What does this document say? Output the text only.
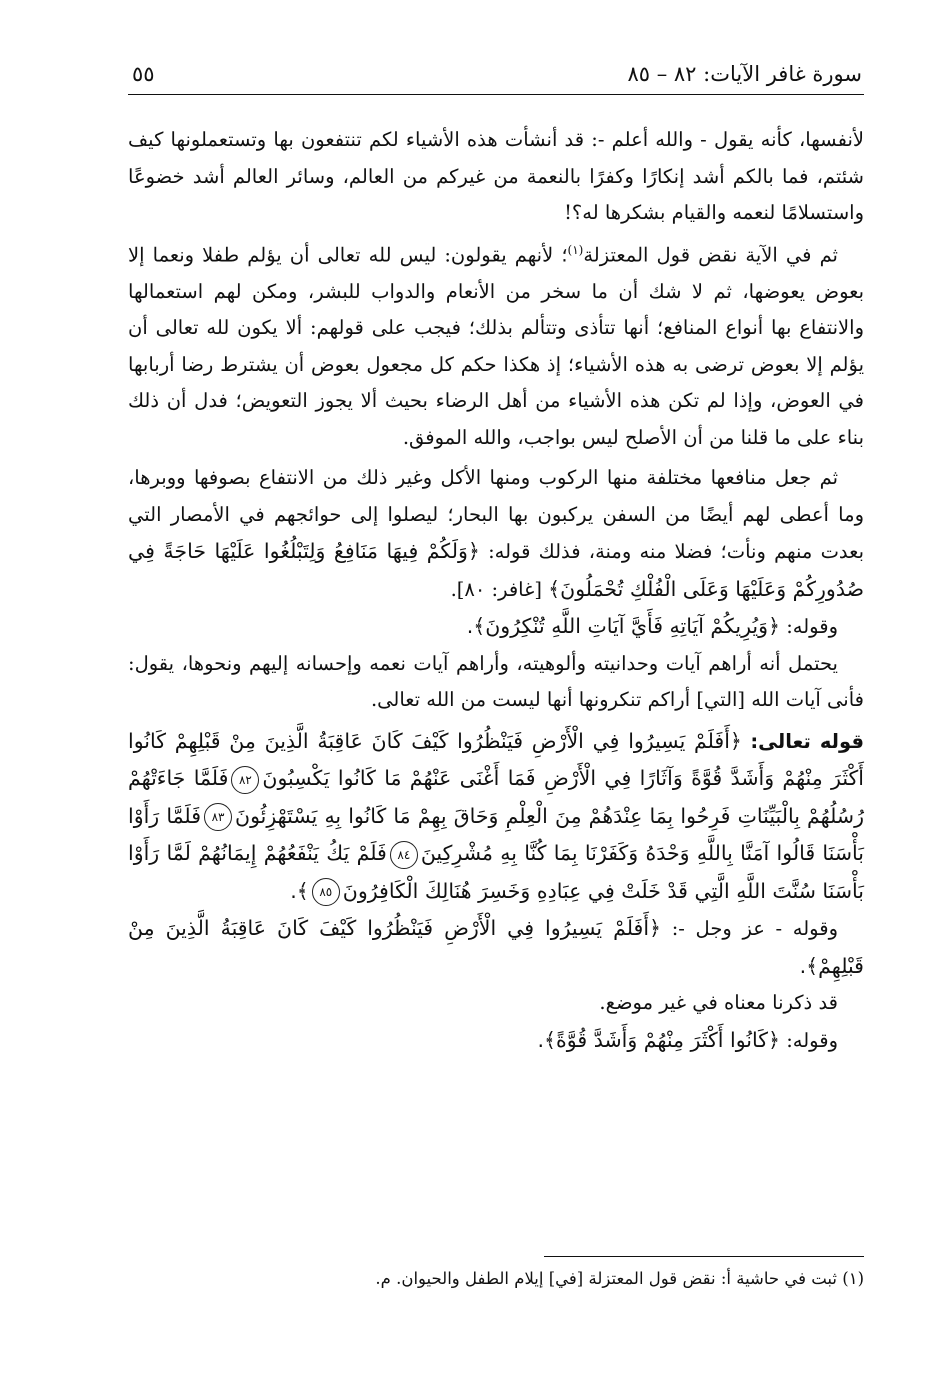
سورة غافر الآيات: ٨٢ – ٨٥
٥٥

لأنفسها، كأنه يقول - والله أعلم -: قد أنشأت هذه الأشياء لكم تنتفعون بها وتستعملونها كيف شئتم، فما بالكم أشد إنكارًا وكفرًا بالنعمة من غيركم من العالم، وسائر العالم أشد خضوعًا واستسلامًا لنعمه والقيام بشكرها له؟!

ثم في الآية نقض قول المعتزلة$^{(١)}$؛ لأنهم يقولون: ليس لله تعالى أن يؤلم طفلا ونعما إلا بعوض يعوضها، ثم لا شك أن ما سخر من الأنعام والدواب للبشر، ومكن لهم استعمالها والانتفاع بها أنواع المنافع؛ أنها تتأذى وتتألم بذلك؛ فيجب على قولهم: ألا يكون لله تعالى أن يؤلم إلا بعوض ترضى به هذه الأشياء؛ إذ هكذا حكم كل مجعول بعوض أن يشترط رضا أربابها في العوض، وإذا لم تكن هذه الأشياء من أهل الرضاء بحيث ألا يجوز التعويض؛ فدل أن ذلك بناء على ما قلنا من أن الأصلح ليس بواجب، والله الموفق.

ثم جعل منافعها مختلفة منها الركوب ومنها الأكل وغير ذلك من الانتفاع بصوفها ووبرها، وما أعطى لهم أيضًا من السفن يركبون بها البحار؛ ليصلوا إلى حوائجهم في الأمصار التي بعدت منهم ونأت؛ فضلا منه ومنة، فذلك قوله: ﴿وَلَكُمْ فِيهَا مَنَافِعُ وَلِتَبْلُغُوا عَلَيْهَا حَاجَةً فِي صُدُورِكُمْ وَعَلَيْهَا وَعَلَى الْفُلْكِ تُحْمَلُونَ﴾ [غافر: ٨٠].

وقوله: ﴿وَيُرِيكُمْ آيَاتِهِ فَأَيَّ آيَاتِ اللَّهِ تُنْكِرُونَ﴾.

يحتمل أنه أراهم آيات وحدانيته وألوهيته، وأراهم آيات نعمه وإحسانه إليهم ونحوها، يقول: فأنى آيات الله [التي] أراكم تنكرونها أنها ليست من الله تعالى.

قوله تعالى: ﴿أَفَلَمْ يَسِيرُوا فِي الْأَرْضِ فَيَنْظُرُوا كَيْفَ كَانَ عَاقِبَةُ الَّذِينَ مِنْ قَبْلِهِمْ كَانُوا أَكْثَرَ مِنْهُمْ وَأَشَدَّ قُوَّةً وَآثَارًا فِي الْأَرْضِ فَمَا أَغْنَى عَنْهُمْ مَا كَانُوا يَكْسِبُونَ٨٢فَلَمَّا جَاءَتْهُمْ رُسُلُهُمْ بِالْبَيِّنَاتِ فَرِحُوا بِمَا عِنْدَهُمْ مِنَ الْعِلْمِ وَحَاقَ بِهِمْ مَا كَانُوا بِهِ يَسْتَهْزِئُونَ٨٣فَلَمَّا رَأَوْا بَأْسَنَا قَالُوا آمَنَّا بِاللَّهِ وَحْدَهُ وَكَفَرْنَا بِمَا كُنَّا بِهِ مُشْرِكِينَ٨٤فَلَمْ يَكُ يَنْفَعُهُمْ إِيمَانُهُمْ لَمَّا رَأَوْا بَأْسَنَا سُنَّتَ اللَّهِ الَّتِي قَدْ خَلَتْ فِي عِبَادِهِ وَخَسِرَ هُنَالِكَ الْكَافِرُونَ٨٥﴾.

وقوله - عز وجل -: ﴿أَفَلَمْ يَسِيرُوا فِي الْأَرْضِ فَيَنْظُرُوا كَيْفَ كَانَ عَاقِبَةُ الَّذِينَ مِنْ قَبْلِهِمْ﴾.

قد ذكرنا معناه في غير موضع.

وقوله: ﴿كَانُوا أَكْثَرَ مِنْهُمْ وَأَشَدَّ قُوَّةً﴾.

(١) ثبت في حاشية أ: نقض قول المعتزلة [في] إيلام الطفل والحيوان. م.
